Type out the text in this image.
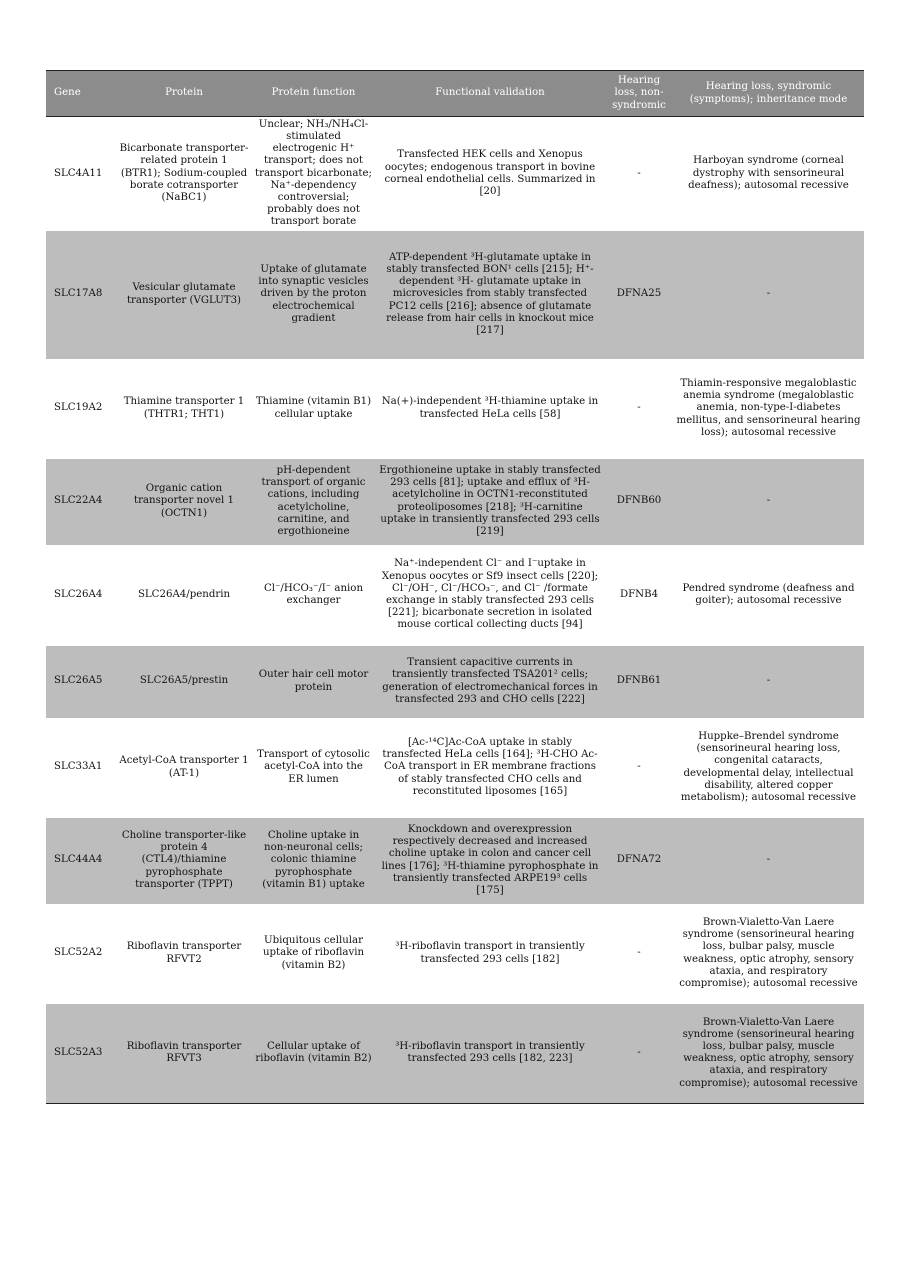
Gene	Protein	Protein function	Functional validation	Hearing loss, non-syndromic	Hearing loss, syndromic (symptoms); inheritance mode
SLC4A11	Bicarbonate transporter-related protein 1 (BTR1); Sodium-coupled borate cotransporter (NaBC1)	Unclear; NH₃/NH₄Cl-stimulated electrogenic H⁺ transport; does not transport bicarbonate; Na⁺-dependency controversial; probably does not transport borate	Transfected HEK cells and Xenopus oocytes; endogenous transport in bovine corneal endothelial cells. Summarized in [20]	-	Harboyan syndrome (corneal dystrophy with sensorineural deafness); autosomal recessive
SLC17A8	Vesicular glutamate transporter (VGLUT3)	Uptake of glutamate into synaptic vesicles driven by the proton electrochemical gradient	ATP-dependent ³H-glutamate uptake in stably transfected BON¹ cells [215]; H⁺-dependent ³H- glutamate uptake in microvesicles from stably transfected PC12 cells [216]; absence of glutamate release from hair cells in knockout mice [217]	DFNA25	-
SLC19A2	Thiamine transporter 1 (THTR1; THT1)	Thiamine (vitamin B1) cellular uptake	Na(+)-independent ³H-thiamine uptake in transfected HeLa cells [58]	-	Thiamin-responsive megaloblastic anemia syndrome (megaloblastic anemia, non-type-I-diabetes mellitus, and sensorineural hearing loss); autosomal recessive
SLC22A4	Organic cation transporter novel 1 (OCTN1)	pH-dependent transport of organic cations, including acetylcholine, carnitine, and ergothioneine	Ergothioneine uptake in stably transfected 293 cells [81]; uptake and efflux of ³H-acetylcholine in OCTN1-reconstituted proteoliposomes [218]; ³H-carnitine uptake in transiently transfected 293 cells [219]	DFNB60	-
SLC26A4	SLC26A4/pendrin	Cl⁻/HCO₃⁻/I⁻ anion exchanger	Na⁺-independent Cl⁻ and I⁻uptake in Xenopus oocytes or Sf9 insect cells [220]; Cl⁻/OH⁻, Cl⁻/HCO₃⁻, and Cl⁻ /formate exchange in stably transfected 293 cells [221]; bicarbonate secretion in isolated mouse cortical collecting ducts [94]	DFNB4	Pendred syndrome (deafness and goiter); autosomal recessive
SLC26A5	SLC26A5/prestin	Outer hair cell motor protein	Transient capacitive currents in transiently transfected TSA201² cells; generation of electromechanical forces in transfected 293 and CHO cells [222]	DFNB61	-
SLC33A1	Acetyl-CoA transporter 1 (AT-1)	Transport of cytosolic acetyl-CoA into the ER lumen	[Ac-¹⁴C]Ac-CoA uptake in stably transfected HeLa cells [164]; ³H-CHO Ac-CoA transport in ER membrane fractions of stably transfected CHO cells and reconstituted liposomes [165]	-	Huppke–Brendel syndrome (sensorineural hearing loss, congenital cataracts, developmental delay, intellectual disability, altered copper metabolism); autosomal recessive
SLC44A4	Choline transporter-like protein 4 (CTL4)/thiamine pyrophosphate transporter (TPPT)	Choline uptake in non-neuronal cells; colonic thiamine pyrophosphate (vitamin B1) uptake	Knockdown and overexpression respectively decreased and increased choline uptake in colon and cancer cell lines [176]; ³H-thiamine pyrophosphate in transiently transfected ARPE19³ cells [175]	DFNA72	-
SLC52A2	Riboflavin transporter RFVT2	Ubiquitous cellular uptake of riboflavin (vitamin B2)	³H-riboflavin transport in transiently transfected 293 cells [182]	-	Brown-Vialetto-Van Laere syndrome (sensorineural hearing loss, bulbar palsy, muscle weakness, optic atrophy, sensory ataxia, and respiratory compromise); autosomal recessive
SLC52A3	Riboflavin transporter RFVT3	Cellular uptake of riboflavin (vitamin B2)	³H-riboflavin transport in transiently transfected 293 cells [182, 223]	-	Brown-Vialetto-Van Laere syndrome (sensorineural hearing loss, bulbar palsy, muscle weakness, optic atrophy, sensory ataxia, and respiratory compromise); autosomal recessive
